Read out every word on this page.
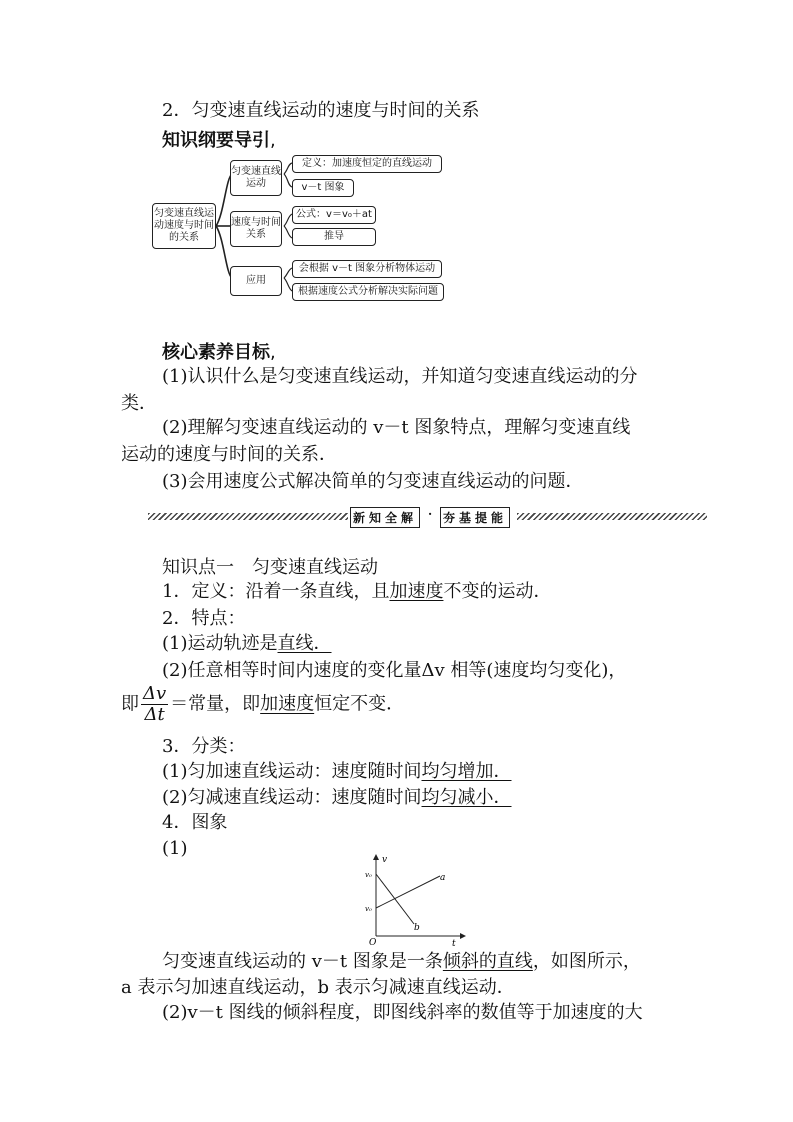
2．匀变速直线运动的速度与时间的关系
知识纲要导引,
匀变速直线运动速度与时间的关系
匀变速直线运动
速度与时间关系
应用
定义：加速度恒定的直线运动
v－t 图象
公式：v＝v₀＋at
推导
会根据 v－t 图象分析物体运动
根据速度公式分析解决实际问题
核心素养目标,
(1)认识什么是匀变速直线运动，并知道匀变速直线运动的分
类．
(2)理解匀变速直线运动的 v－t 图象特点，理解匀变速直线
运动的速度与时间的关系．
(3)会用速度公式解决简单的匀变速直线运动的问题．
新知全解 · 夯基提能
知识点一　匀变速直线运动
1．定义：沿着一条直线，且加速度不变的运动．
2．特点：
(1)运动轨迹是直线．
(2)任意相等时间内速度的变化量Δv 相等(速度均匀变化)，
即 $\frac{\Delta v}{\Delta t}$ ＝常量，即加速度恒定不变．
3．分类：
(1)匀加速直线运动：速度随时间均匀增加．
(2)匀减速直线运动：速度随时间均匀减小．
4．图象
(1)
v
t
O
v₀
v₀
a
b
匀变速直线运动的 v－t 图象是一条倾斜的直线，如图所示，
a 表示匀加速直线运动，b 表示匀减速直线运动．
(2)v－t 图线的倾斜程度，即图线斜率的数值等于加速度的大
